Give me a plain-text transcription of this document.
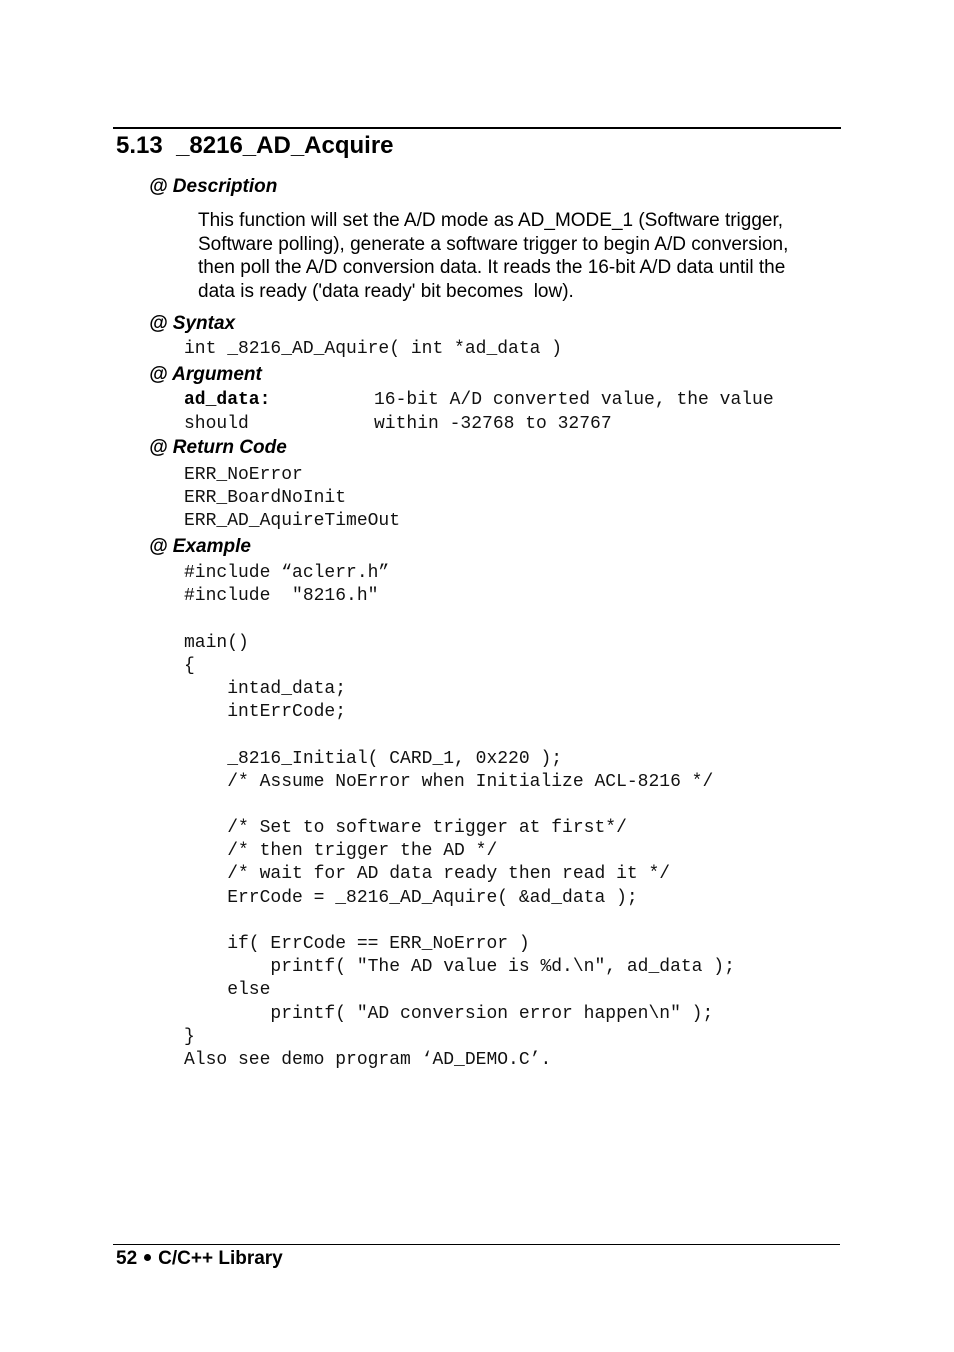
5.13 _8216_AD_Acquire
@ Description
This function will set the A/D mode as AD_MODE_1 (Software trigger,
Software polling), generate a software trigger to begin A/D conversion,
then poll the A/D conversion data. It reads the 16-bit A/D data until the
data is ready ('data ready' bit becomes  low).
@ Syntax
int _8216_AD_Aquire( int *ad_data )
@ Argument
ad_data:	16-bit A/D converted value, the value
should	within -32768 to 32767
@ Return Code
ERR_NoError
ERR_BoardNoInit
ERR_AD_AquireTimeOut
@ Example
#include “aclerr.h”
#include  "8216.h"
main()
{
intad_data;
intErrCode;
_8216_Initial( CARD_1, 0x220 );
/* Assume NoError when Initialize ACL-8216 */
/* Set to software trigger at first*/
/* then trigger the AD */
/* wait for AD data ready then read it */
ErrCode = _8216_AD_Aquire( &ad_data );
if( ErrCode == ERR_NoError )
printf( "The AD value is %d.\n", ad_data );
else
printf( "AD conversion error happen\n" );
}
Also see demo program ‘AD_DEMO.C’.
52 C/C++ Library
